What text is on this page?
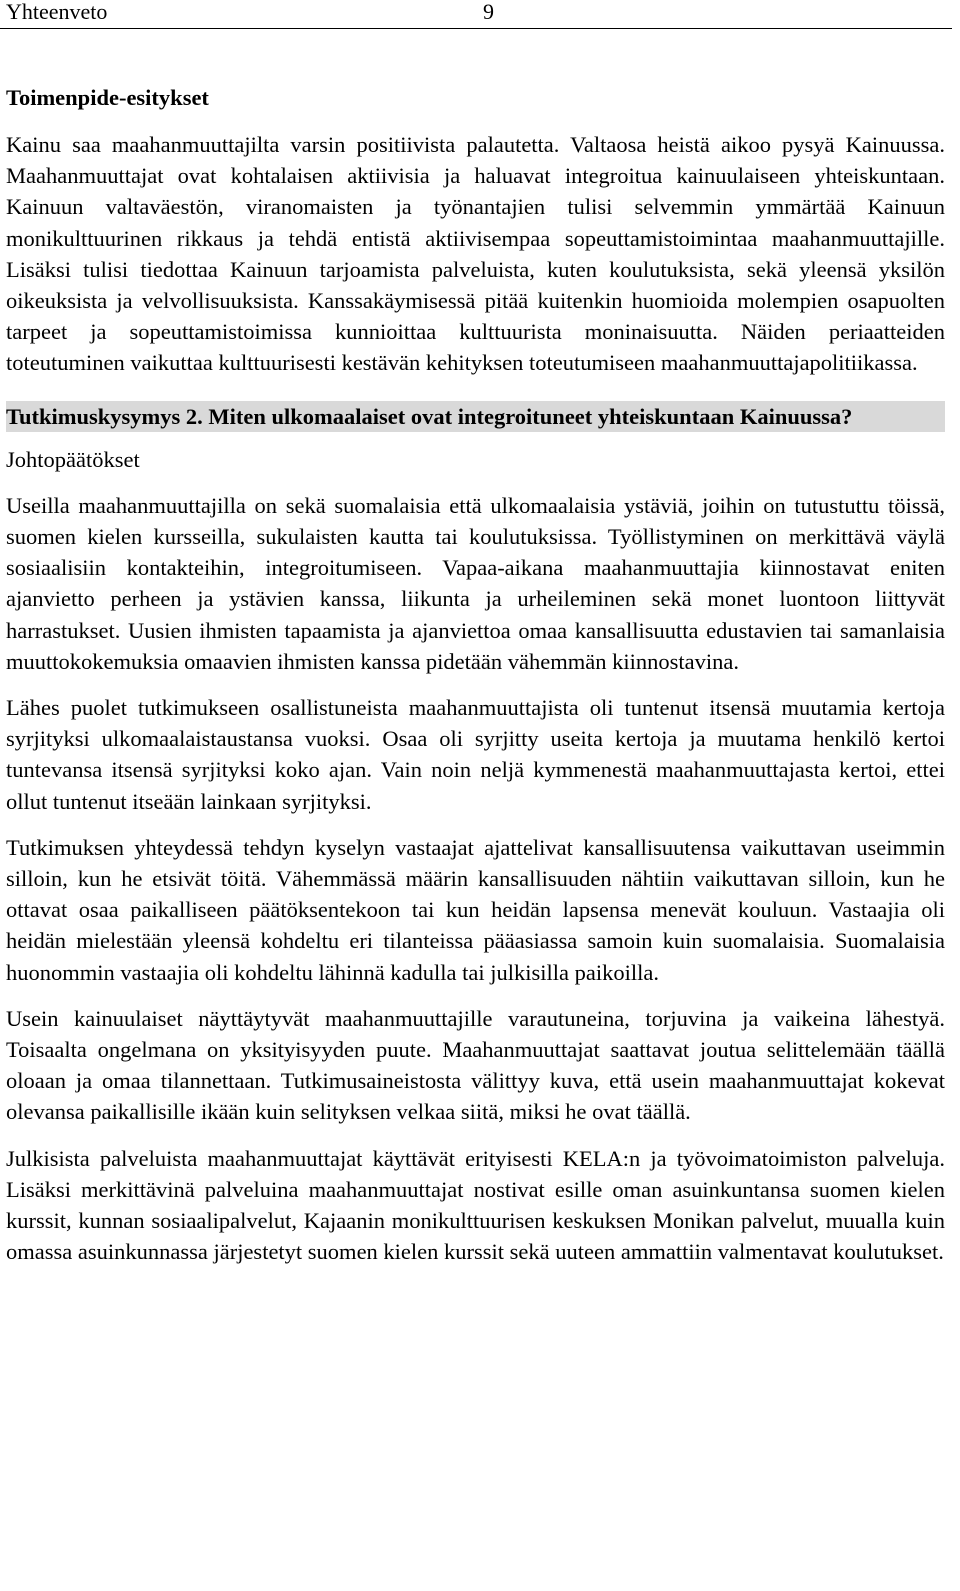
Yhteenveto	9
Toimenpide-esitykset

Kainu saa maahanmuuttajilta varsin positiivista palautetta. Valtaosa heistä aikoo pysyä Kainuussa. Maahanmuuttajat ovat kohtalaisen aktiivisia ja haluavat integroitua kainuulaiseen yhteiskuntaan. Kainuun valtaväestön, viranomaisten ja työnantajien tulisi selvemmin ymmärtää Kainuun monikulttuurinen rikkaus ja tehdä entistä aktiivisempaa sopeuttamistoimintaa maahanmuuttajille. Lisäksi tulisi tiedottaa Kainuun tarjoamista palveluista, kuten koulutuksista, sekä yleensä yksilön oikeuksista ja velvollisuuksista. Kanssakäymisessä pitää kuitenkin huomioida molempien osapuolten tarpeet ja sopeuttamistoimissa kunnioittaa kulttuurista moninaisuutta. Näiden periaatteiden toteutuminen vaikuttaa kulttuurisesti kestävän kehityksen toteutumiseen maahanmuuttajapolitiikassa.

Tutkimuskysymys 2. Miten ulkomaalaiset ovat integroituneet yhteiskuntaan Kainuussa?
Johtopäätökset

Useilla maahanmuuttajilla on sekä suomalaisia että ulkomaalaisia ystäviä, joihin on tutustuttu töissä, suomen kielen kursseilla, sukulaisten kautta tai koulutuksissa. Työllistyminen on merkittävä väylä sosiaalisiin kontakteihin, integroitumiseen. Vapaa-aikana maahanmuuttajia kiinnostavat eniten ajanvietto perheen ja ystävien kanssa, liikunta ja urheileminen sekä monet luontoon liittyvät harrastukset. Uusien ihmisten tapaamista ja ajanviettoa omaa kansallisuutta edustavien tai samanlaisia muuttokokemuksia omaavien ihmisten kanssa pidetään vähemmän kiinnostavina.

Lähes puolet tutkimukseen osallistuneista maahanmuuttajista oli tuntenut itsensä muutamia kertoja syrjityksi ulkomaalaistaustansa vuoksi. Osaa oli syrjitty useita kertoja ja muutama henkilö kertoi tuntevansa itsensä syrjityksi koko ajan. Vain noin neljä kymmenestä maahanmuuttajasta kertoi, ettei ollut tuntenut itseään lainkaan syrjityksi.

Tutkimuksen yhteydessä tehdyn kyselyn vastaajat ajattelivat kansallisuutensa vaikuttavan useimmin silloin, kun he etsivät töitä. Vähemmässä määrin kansallisuuden nähtiin vaikuttavan silloin, kun he ottavat osaa paikalliseen päätöksentekoon tai kun heidän lapsensa menevät kouluun. Vastaajia oli heidän mielestään yleensä kohdeltu eri tilanteissa pääasiassa samoin kuin suomalaisia. Suomalaisia huonommin vastaajia oli kohdeltu lähinnä kadulla tai julkisilla paikoilla.

Usein kainuulaiset näyttäytyvät maahanmuuttajille varautuneina, torjuvina ja vaikeina lähestyä. Toisaalta ongelmana on yksityisyyden puute. Maahanmuuttajat saattavat joutua selittelemään täällä oloaan ja omaa tilannettaan. Tutkimusaineistosta välittyy kuva, että usein maahanmuuttajat kokevat olevansa paikallisille ikään kuin selityksen velkaa siitä, miksi he ovat täällä.

Julkisista palveluista maahanmuuttajat käyttävät erityisesti KELA:n ja työvoimatoimiston palveluja. Lisäksi merkittävinä palveluina maahanmuuttajat nostivat esille oman asuinkuntansa suomen kielen kurssit, kunnan sosiaalipalvelut, Kajaanin monikulttuurisen keskuksen Monikan palvelut, muualla kuin omassa asuinkunnassa järjestetyt suomen kielen kurssit sekä uuteen ammattiin valmentavat koulutukset.
